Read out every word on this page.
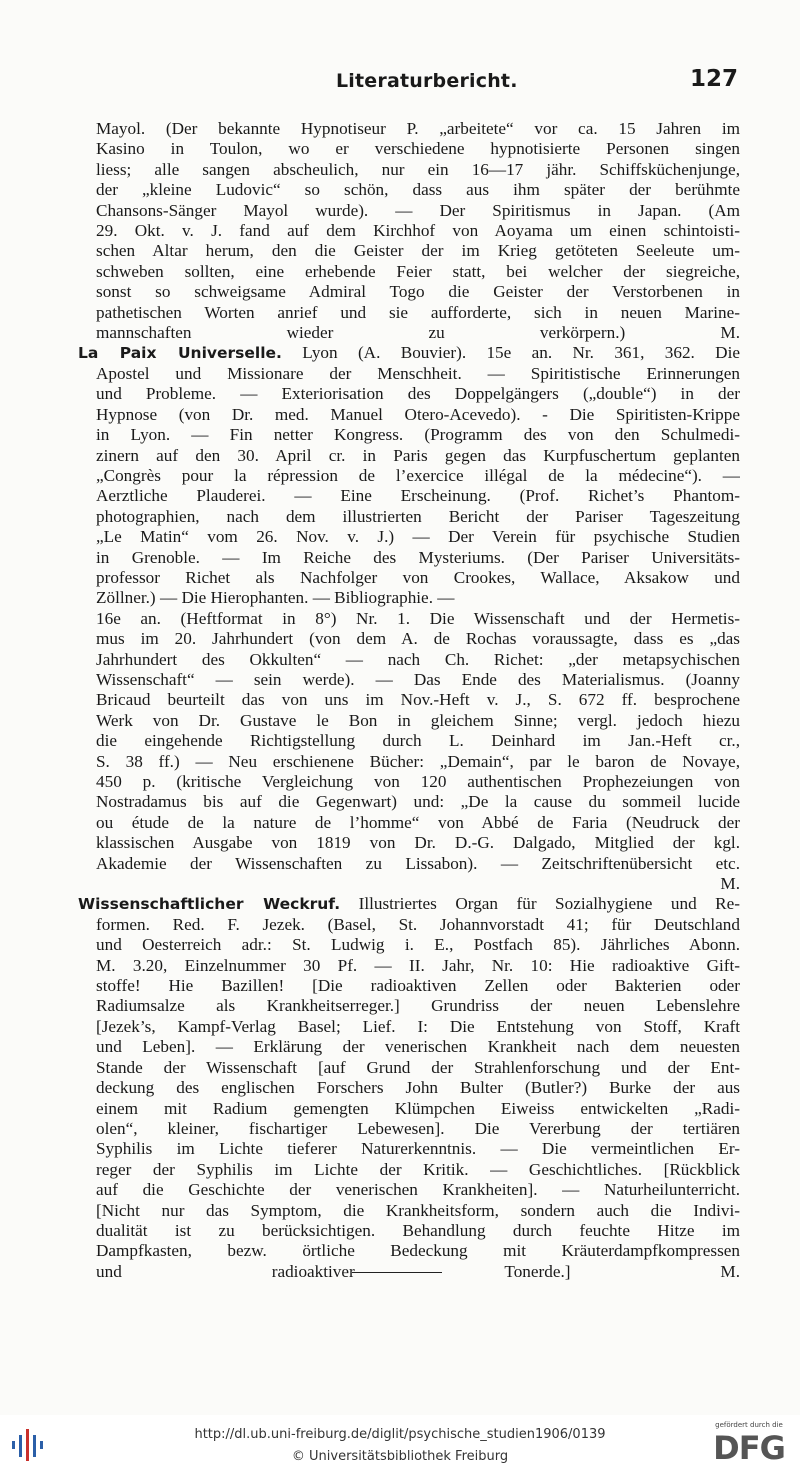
Literaturbericht.	127
Mayol. (Der bekannte Hypnotiseur P. „arbeitete“ vor ca. 15 Jahren im
Kasino in Toulon, wo er verschiedene hypnotisierte Personen singen
liess; alle sangen abscheulich, nur ein 16—17 jähr. Schiffsküchenjunge,
der „kleine Ludovic“ so schön, dass aus ihm später der berühmte
Chansons-Sänger Mayol wurde). — Der Spiritismus in Japan. (Am
29. Okt. v. J. fand auf dem Kirchhof von Aoyama um einen schintoisti-
schen Altar herum, den die Geister der im Krieg getöteten Seeleute um-
schweben sollten, eine erhebende Feier statt, bei welcher der siegreiche,
sonst so schweigsame Admiral Togo die Geister der Verstorbenen in
pathetischen Worten anrief und sie aufforderte, sich in neuen Marine-
mannschaften wieder zu verkörpern.) M.
La Paix Universelle. Lyon (A. Bouvier). 15e an. Nr. 361, 362. Die
Apostel und Missionare der Menschheit. — Spiritistische Erinnerungen
und Probleme. — Exteriorisation des Doppelgängers („double“) in der
Hypnose (von Dr. med. Manuel Otero-Acevedo). - Die Spiritisten-Krippe
in Lyon. — Fin netter Kongress. (Programm des von den Schulmedi-
zinern auf den 30. April cr. in Paris gegen das Kurpfuschertum geplanten
„Congrès pour la répression de l’exercice illégal de la médecine“). —
Aerztliche Plauderei. — Eine Erscheinung. (Prof. Richet’s Phantom-
photographien, nach dem illustrierten Bericht der Pariser Tageszeitung
„Le Matin“ vom 26. Nov. v. J.) — Der Verein für psychische Studien
in Grenoble. — Im Reiche des Mysteriums. (Der Pariser Universitäts-
professor Richet als Nachfolger von Crookes, Wallace, Aksakow und
Zöllner.) — Die Hierophanten. — Bibliographie. —
16e an. (Heftformat in 8°) Nr. 1. Die Wissenschaft und der Hermetis-
mus im 20. Jahrhundert (von dem A. de Rochas voraussagte, dass es „das
Jahrhundert des Okkulten“ — nach Ch. Richet: „der metapsychischen
Wissenschaft“ — sein werde). — Das Ende des Materialismus. (Joanny
Bricaud beurteilt das von uns im Nov.-Heft v. J., S. 672 ff. besprochene
Werk von Dr. Gustave le Bon in gleichem Sinne; vergl. jedoch hiezu
die eingehende Richtigstellung durch L. Deinhard im Jan.-Heft cr.,
S. 38 ff.) — Neu erschienene Bücher: „Demain“, par le baron de Novaye,
450 p. (kritische Vergleichung von 120 authentischen Prophezeiungen von
Nostradamus bis auf die Gegenwart) und: „De la cause du sommeil lucide
ou étude de la nature de l’homme“ von Abbé de Faria (Neudruck der
klassischen Ausgabe von 1819 von Dr. D.-G. Dalgado, Mitglied der kgl.
Akademie der Wissenschaften zu Lissabon). — Zeitschriftenübersicht etc.
M.
Wissenschaftlicher Weckruf. Illustriertes Organ für Sozialhygiene und Re-
formen. Red. F. Jezek. (Basel, St. Johannvorstadt 41; für Deutschland
und Oesterreich adr.: St. Ludwig i. E., Postfach 85). Jährliches Abonn.
M. 3.20, Einzelnummer 30 Pf. — II. Jahr, Nr. 10: Hie radioaktive Gift-
stoffe! Hie Bazillen! [Die radioaktiven Zellen oder Bakterien oder
Radiumsalze als Krankheitserreger.] Grundriss der neuen Lebenslehre
[Jezek’s, Kampf-Verlag Basel; Lief. I: Die Entstehung von Stoff, Kraft
und Leben]. — Erklärung der venerischen Krankheit nach dem neuesten
Stande der Wissenschaft [auf Grund der Strahlenforschung und der Ent-
deckung des englischen Forschers John Bulter (Butler?) Burke der aus
einem mit Radium gemengten Klümpchen Eiweiss entwickelten „Radi-
olen“, kleiner, fischartiger Lebewesen]. Die Vererbung der tertiären
Syphilis im Lichte tieferer Naturerkenntnis. — Die vermeintlichen Er-
reger der Syphilis im Lichte der Kritik. — Geschichtliches. [Rückblick
auf die Geschichte der venerischen Krankheiten]. — Naturheilunterricht.
[Nicht nur das Symptom, die Krankheitsform, sondern auch die Indivi-
dualität ist zu berücksichtigen. Behandlung durch feuchte Hitze im
Dampfkasten, bezw. örtliche Bedeckung mit Kräuterdampfkompressen
und radioaktiver Tonerde.] M.
http://dl.ub.uni-freiburg.de/diglit/psychische_studien1906/0139
© Universitätsbibliothek Freiburg
gefördert durch die
DFG
